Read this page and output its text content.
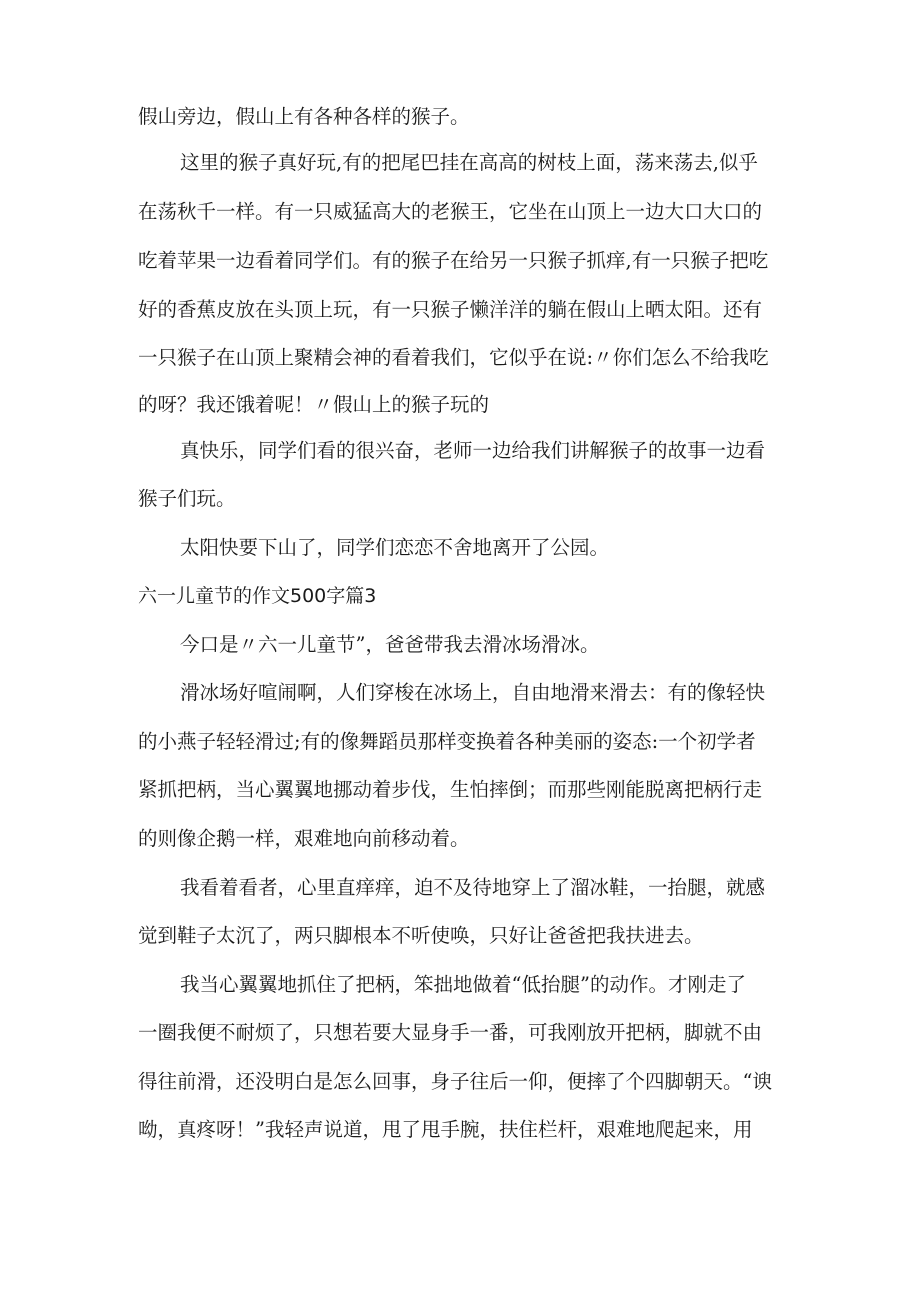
假山旁边，假山上有各种各样的猴子。

这里的猴子真好玩,有的把尾巴挂在高高的树枝上面，荡来荡去,似乎

在荡秋千一样。有一只威猛高大的老猴王，它坐在山顶上一边大口大口的

吃着苹果一边看着同学们。有的猴子在给另一只猴子抓痒,有一只猴子把吃

好的香蕉皮放在头顶上玩，有一只猴子懒洋洋的躺在假山上晒太阳。还有

一只猴子在山顶上聚精会神的看着我们，它似乎在说:〃你们怎么不给我吃

的呀？我还饿着呢！〃假山上的猴子玩的

真快乐，同学们看的很兴奋，老师一边给我们讲解猴子的故事一边看

猴子们玩。

太阳快要下山了，同学们恋恋不舍地离开了公园。

六一儿童节的作文500字篇3

今口是〃六一儿童节”，爸爸带我去滑冰场滑冰。

滑冰场好喧闹啊，人们穿梭在冰场上，自由地滑来滑去：有的像轻快

的小燕子轻轻滑过;有的像舞蹈员那样变换着各种美丽的姿态:一个初学者

紧抓把柄，当心翼翼地挪动着步伐，生怕摔倒；而那些刚能脱离把柄行走

的则像企鹅一样，艰难地向前移动着。

我看着看者，心里直痒痒，迫不及待地穿上了溜冰鞋，一抬腿，就感

觉到鞋子太沉了，两只脚根本不听使唤，只好让爸爸把我扶进去。

我当心翼翼地抓住了把柄，笨拙地做着“低抬腿”的动作。才刚走了

一圈我便不耐烦了，只想若要大显身手一番，可我刚放开把柄，脚就不由

得往前滑，还没明白是怎么回事，身子往后一仰，便摔了个四脚朝天。“谀

呦，真疼呀！”我轻声说道，甩了甩手腕，扶住栏杆，艰难地爬起来，用
